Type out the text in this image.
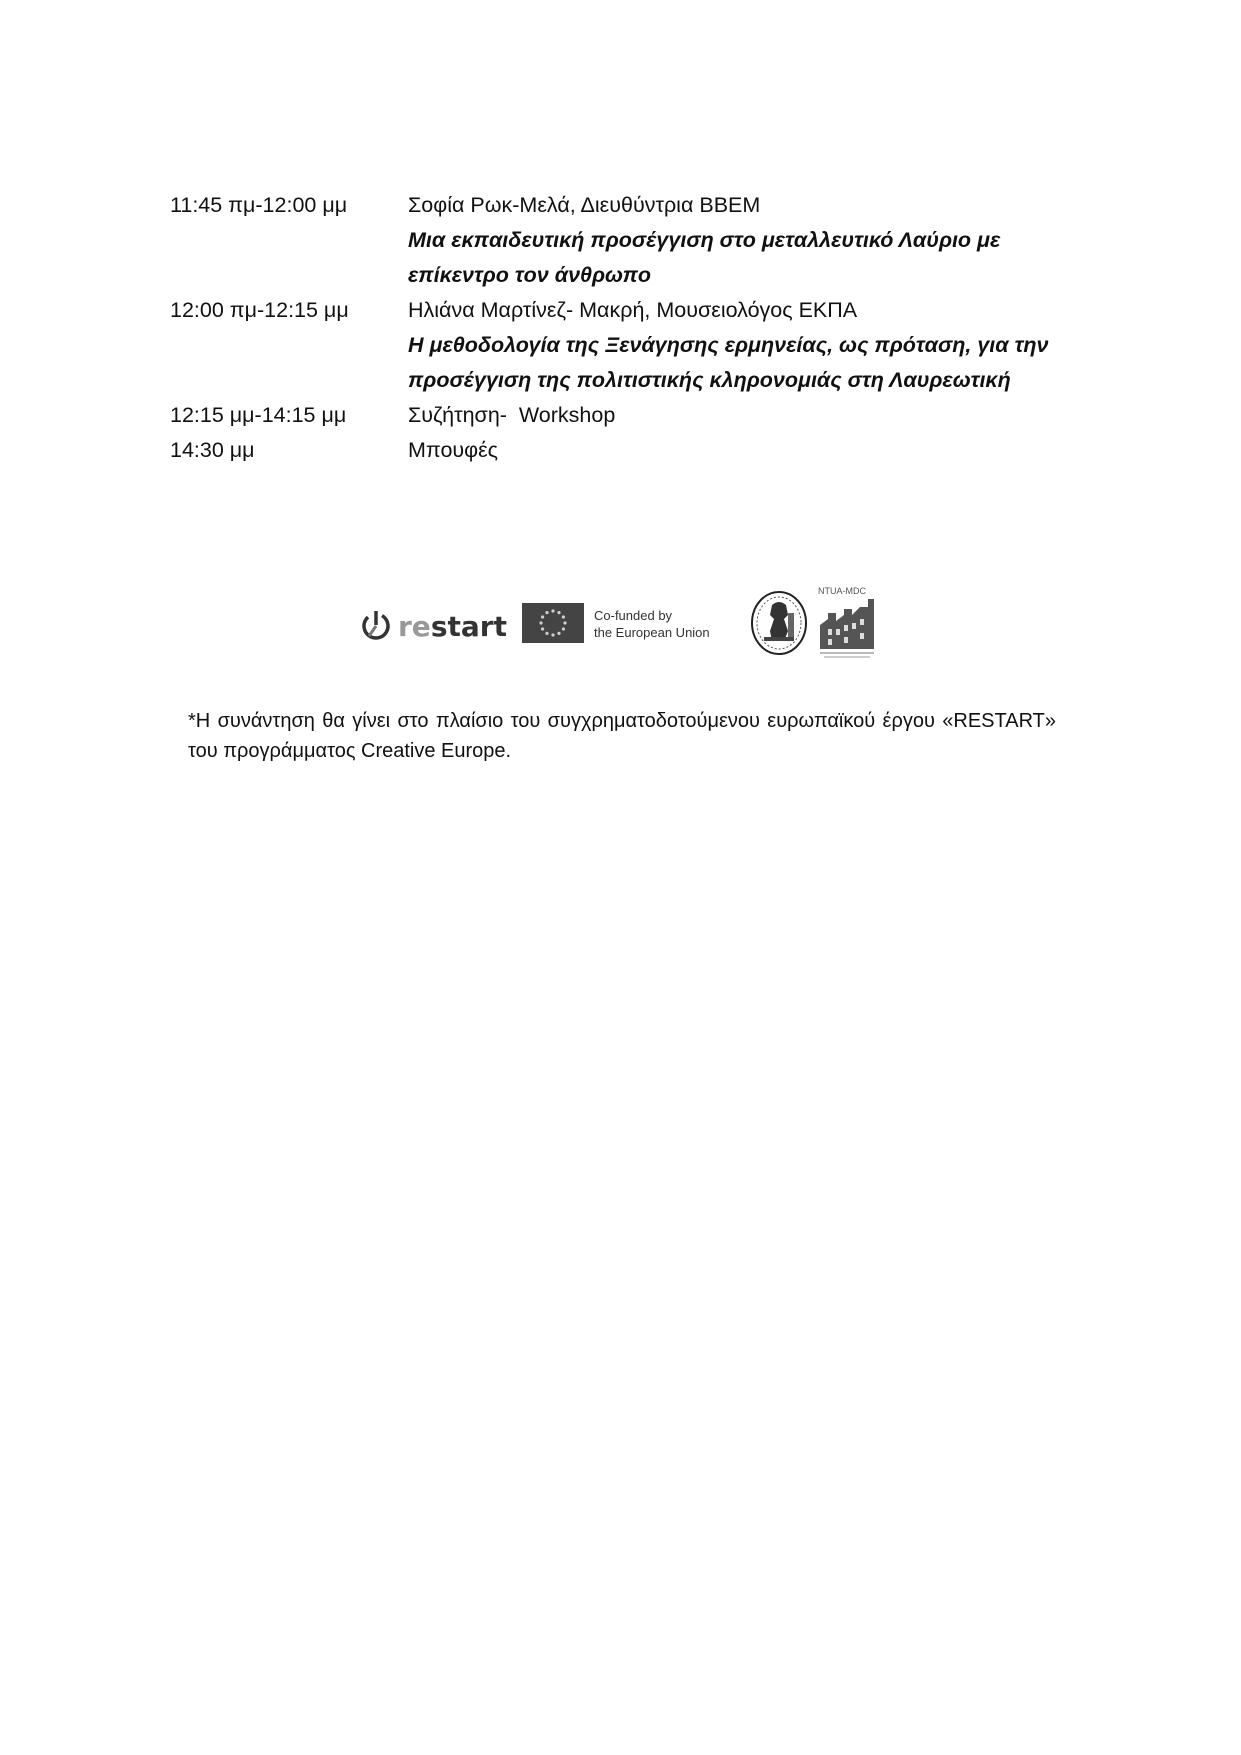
11:45 πμ-12:00 μμ	Σοφία Ρωκ-Μελά, Διευθύντρια ΒΒΕΜ
Μια εκπαιδευτική προσέγγιση στο μεταλλευτικό Λαύριο με επίκεντρο τον άνθρωπο
12:00 πμ-12:15 μμ	Ηλιάνα Μαρτίνεζ- Μακρή, Μουσειολόγος ΕΚΠΑ
Η μεθοδολογία της Ξενάγησης ερμηνείας, ως πρόταση, για την προσέγγιση της πολιτιστικής κληρονομιάς στη Λαυρεωτική
12:15 μμ-14:15 μμ	Συζήτηση-  Workshop
14:30 μμ	Μπουφές
restart	Co-funded by
the European Union
NTUA-MDC

*Η συνάντηση θα γίνει στο πλαίσιο του συγχρηματοδοτούμενου ευρωπαϊκού έργου «RESTART» του προγράμματος Creative Europe.
